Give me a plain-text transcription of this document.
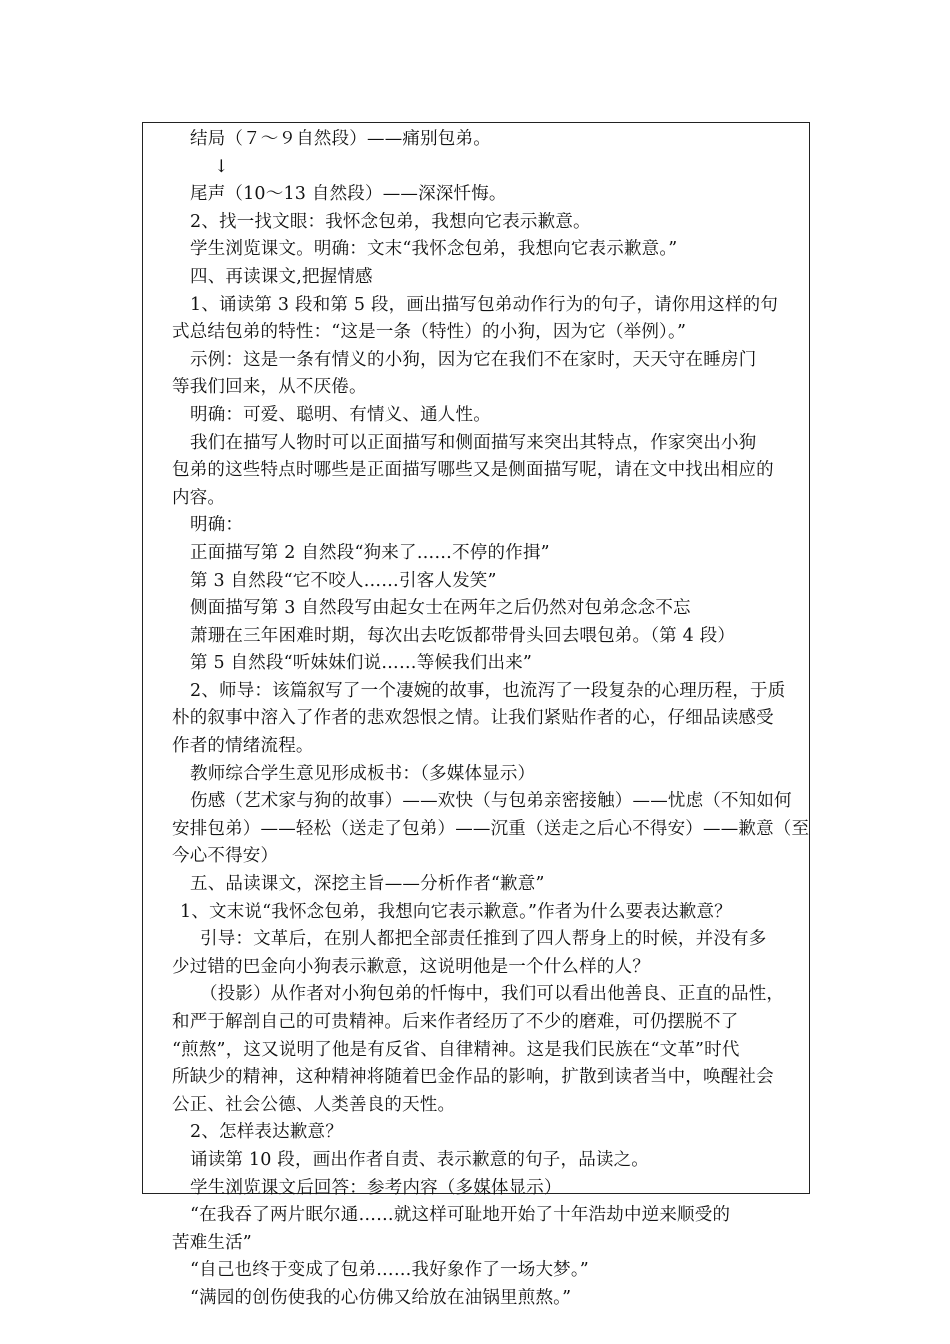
结局（７～９自然段）——痛别包弟。
↓
尾声（10～13 自然段）——深深忏悔。
2、找一找文眼：我怀念包弟，我想向它表示歉意。
学生浏览课文。明确：文末“我怀念包弟，我想向它表示歉意。”
四、再读课文,把握情感
1、诵读第 3 段和第 5 段，画出描写包弟动作行为的句子，请你用这样的句
式总结包弟的特性：“这是一条（特性）的小狗，因为它（举例）。”
示例：这是一条有情义的小狗，因为它在我们不在家时，天天守在睡房门
等我们回来，从不厌倦。
明确：可爱、聪明、有情义、通人性。
我们在描写人物时可以正面描写和侧面描写来突出其特点，作家突出小狗
包弟的这些特点时哪些是正面描写哪些又是侧面描写呢，请在文中找出相应的
内容。
明确：
正面描写第 2 自然段“狗来了……不停的作揖”
第 3 自然段“它不咬人……引客人发笑”
侧面描写第 3 自然段写由起女士在两年之后仍然对包弟念念不忘
萧珊在三年困难时期，每次出去吃饭都带骨头回去喂包弟。（第 4 段）
第 5 自然段“听妹妹们说……等候我们出来”
2、师导：该篇叙写了一个凄婉的故事，也流泻了一段复杂的心理历程，于质
朴的叙事中溶入了作者的悲欢怨恨之情。让我们紧贴作者的心，仔细品读感受
作者的情绪流程。
教师综合学生意见形成板书：（多媒体显示）
伤感（艺术家与狗的故事）——欢快（与包弟亲密接触）——忧虑（不知如何
安排包弟）——轻松（送走了包弟）——沉重（送走之后心不得安）——歉意（至
今心不得安）
五、品读课文，深挖主旨——分析作者“歉意”
1、文末说“我怀念包弟，我想向它表示歉意。”作者为什么要表达歉意？
引导：文革后，在别人都把全部责任推到了四人帮身上的时候，并没有多
少过错的巴金向小狗表示歉意，这说明他是一个什么样的人？
（投影）从作者对小狗包弟的忏悔中，我们可以看出他善良、正直的品性，
和严于解剖自己的可贵精神。后来作者经历了不少的磨难，可仍摆脱不了
“煎熬”，这又说明了他是有反省、自律精神。这是我们民族在“文革”时代
所缺少的精神，这种精神将随着巴金作品的影响，扩散到读者当中，唤醒社会
公正、社会公德、人类善良的天性。
2、怎样表达歉意？
诵读第 10 段，画出作者自责、表示歉意的句子，品读之。
学生浏览课文后回答：参考内容（多媒体显示）
“在我吞了两片眠尔通……就这样可耻地开始了十年浩劫中逆来顺受的
苦难生活”
“自己也终于变成了包弟……我好象作了一场大梦。”
“满园的创伤使我的心仿佛又给放在油锅里煎熬。”
